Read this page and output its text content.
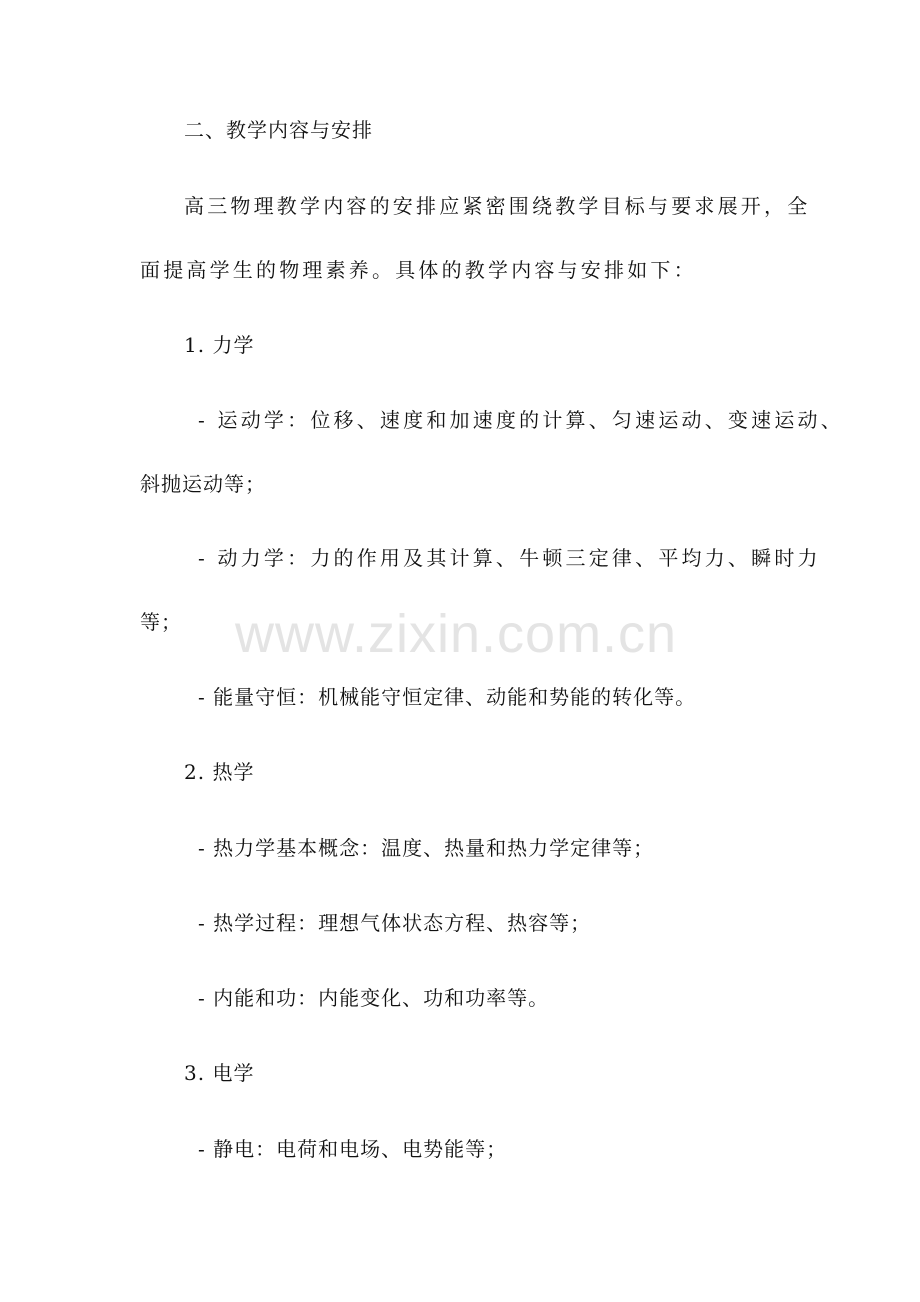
www.zixin.com.cn
二、教学内容与安排
高三物理教学内容的安排应紧密围绕教学目标与要求展开，全
面提高学生的物理素养。具体的教学内容与安排如下：
1. 力学
- 运动学：位移、速度和加速度的计算、匀速运动、变速运动、
斜抛运动等；
- 动力学：力的作用及其计算、牛顿三定律、平均力、瞬时力
等；
- 能量守恒：机械能守恒定律、动能和势能的转化等。
2. 热学
- 热力学基本概念：温度、热量和热力学定律等；
- 热学过程：理想气体状态方程、热容等；
- 内能和功：内能变化、功和功率等。
3. 电学
- 静电：电荷和电场、电势能等；
